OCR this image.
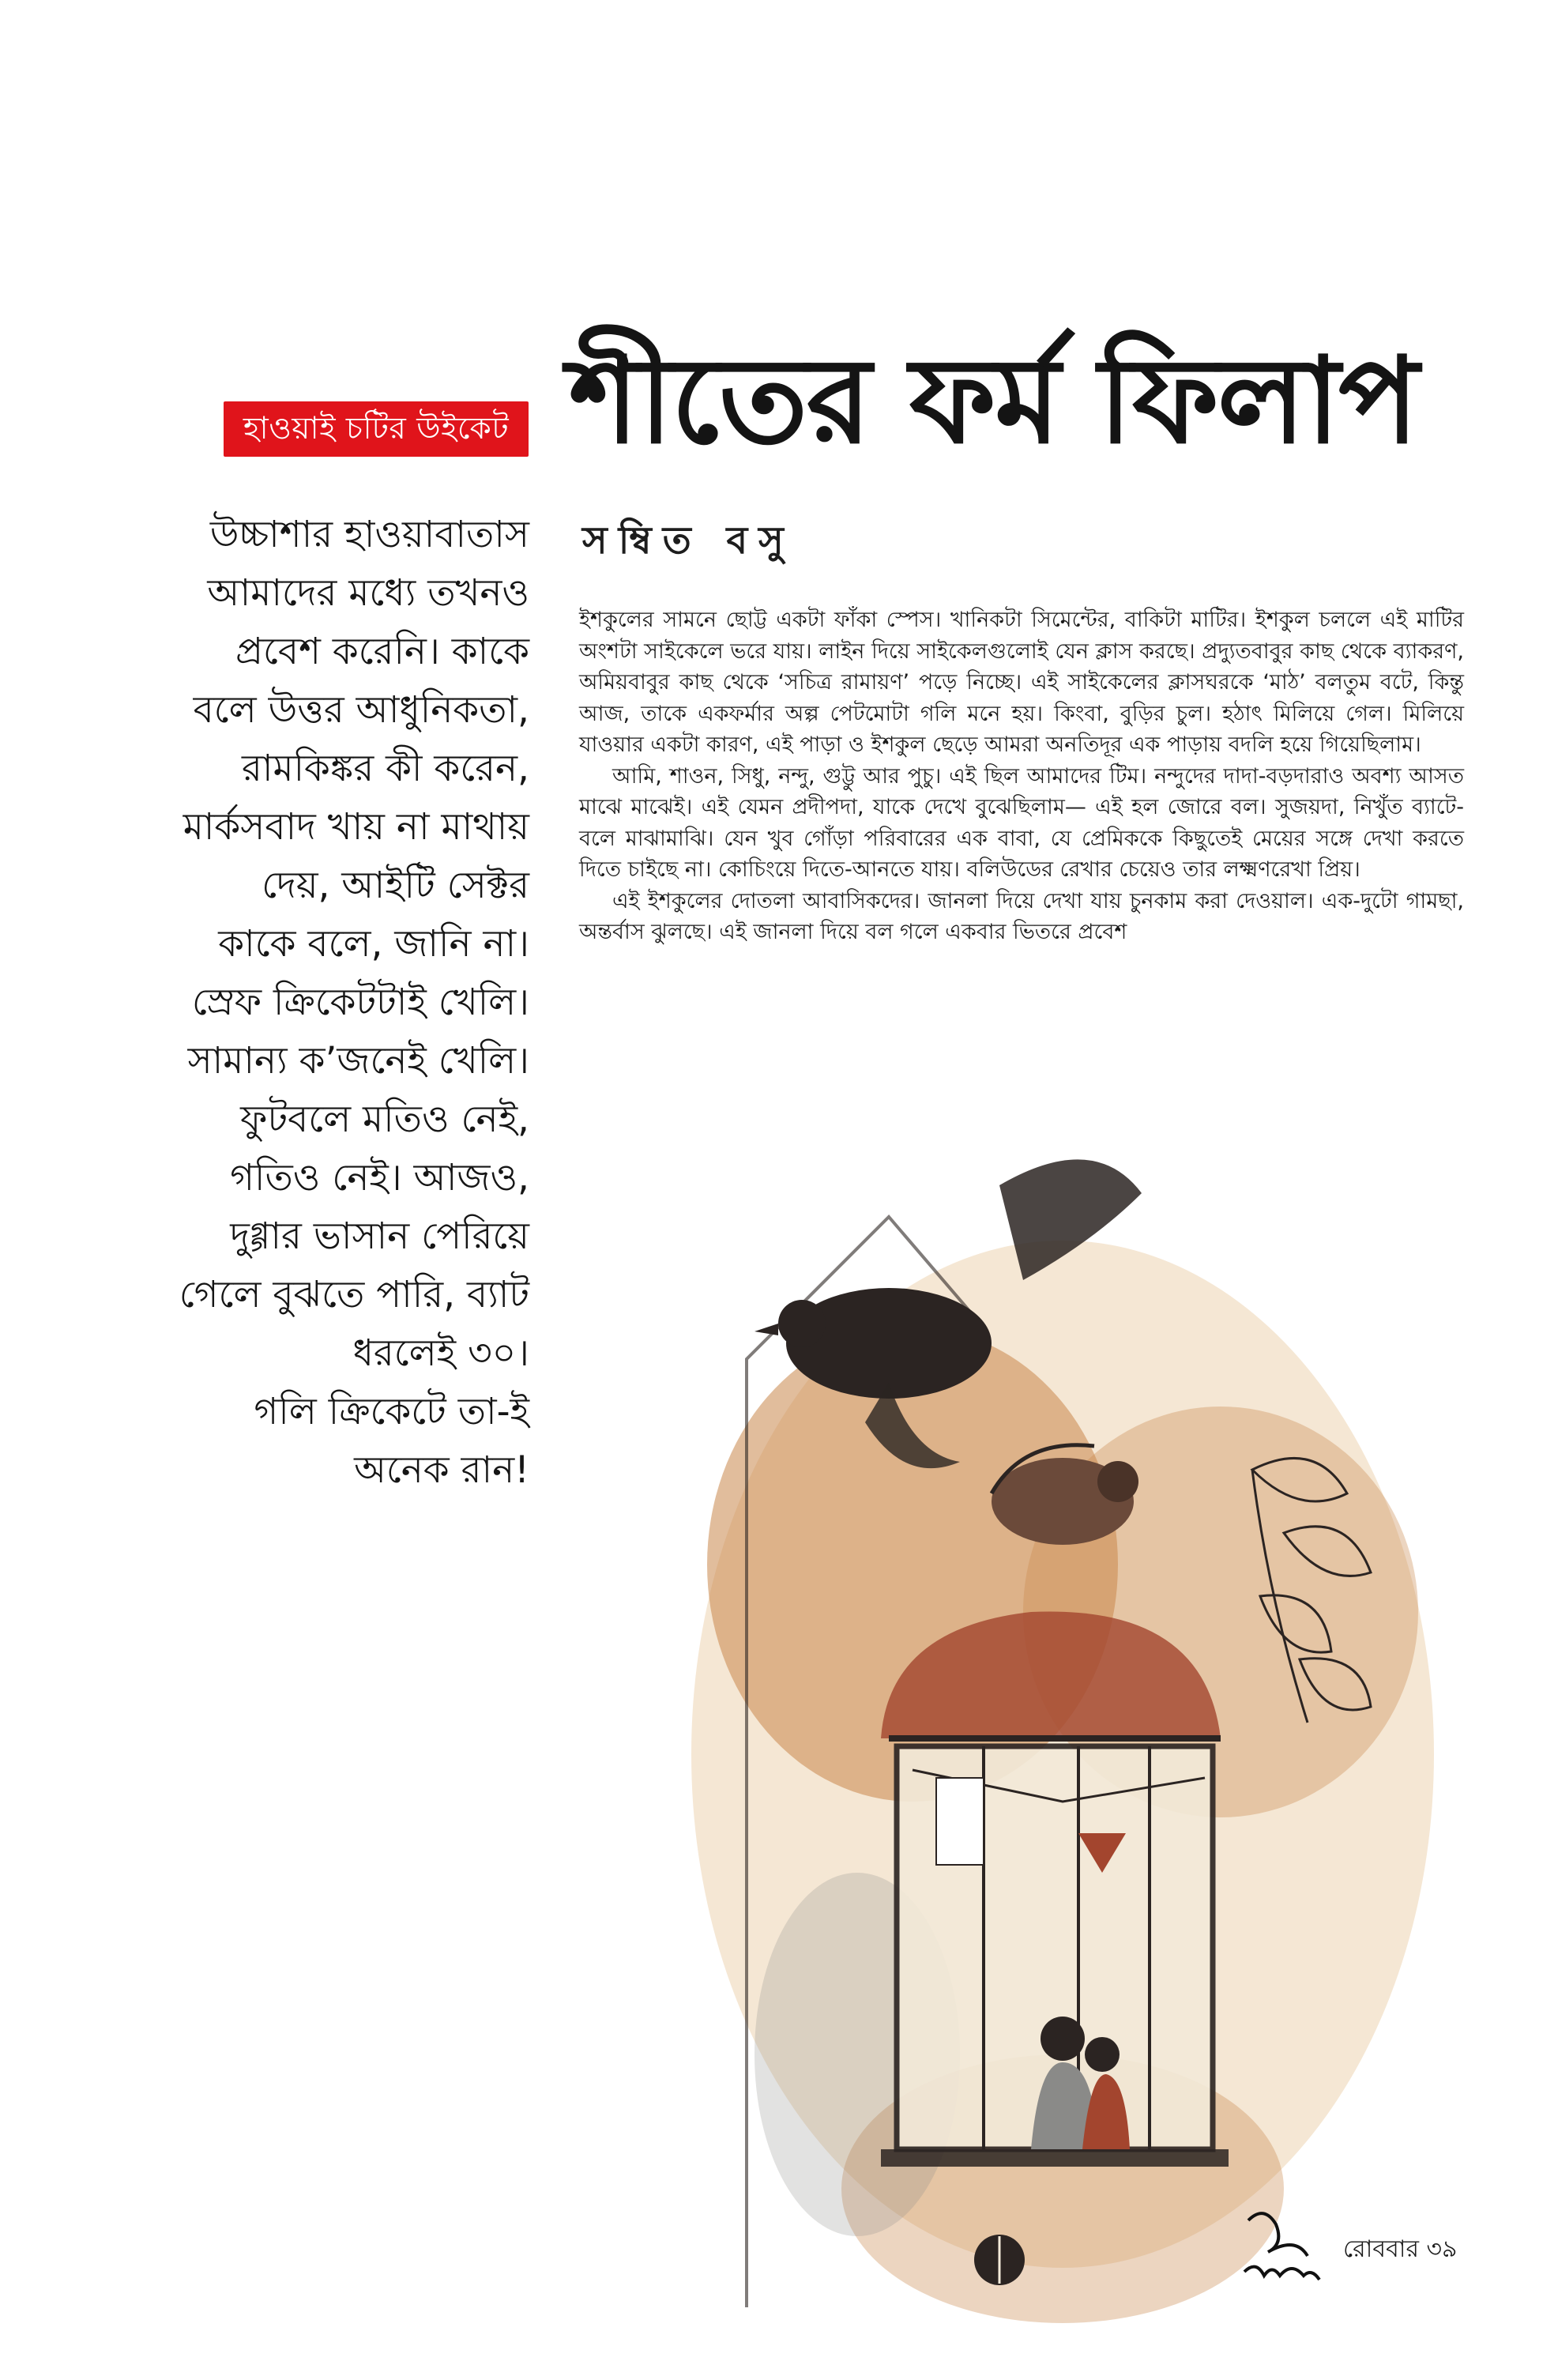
হাওয়াই চটির উইকেট শীতের ফর্ম ফিলাপ
সম্বিত বসু
উচ্চাশার হাওয়াবাতাস
আমাদের মধ্যে তখনও
প্রবেশ করেনি। কাকে
বলে উত্তর আধুনিকতা,
রামকিঙ্কর কী করেন,
মার্কসবাদ খায় না মাথায়
দেয়, আইটি সেক্টর
কাকে বলে, জানি না।
স্রেফ ক্রিকেটটাই খেলি।
সামান্য ক’জনেই খেলি।
ফুটবলে মতিও নেই,
গতিও নেই। আজও,
দুগ্গার ভাসান পেরিয়ে
গেলে বুঝতে পারি, ব্যাট
ধরলেই ৩০।
গলি ক্রিকেটে তা-ই
অনেক রান!

ইশকুলের সামনে ছোট্ট একটা ফাঁকা স্পেস। খানিকটা সিমেন্টের, বাকিটা মাটির। ইশকুল চললে এই মাটির অংশটা সাইকেলে ভরে যায়। লাইন দিয়ে সাইকেলগুলোই যেন ক্লাস করছে। প্রদ্যুতবাবুর কাছ থেকে ব্যাকরণ, অমিয়বাবুর কাছ থেকে ‘সচিত্র রামায়ণ’ পড়ে নিচ্ছে। এই সাইকেলের ক্লাসঘরকে ‘মাঠ’ বলতুম বটে, কিন্তু আজ, তাকে একফর্মার অল্প পেটমোটা গলি মনে হয়। কিংবা, বুড়ির চুল। হঠাৎ মিলিয়ে গেল। মিলিয়ে যাওয়ার একটা কারণ, এই পাড়া ও ইশকুল ছেড়ে আমরা অনতিদূর এক পাড়ায় বদলি হয়ে গিয়েছিলাম।

আমি, শাওন, সিধু, নন্দু, গুট্টু আর পুচু। এই ছিল আমাদের টিম। নন্দুদের দাদা-বড়দারাও অবশ্য আসত মাঝে মাঝেই। এই যেমন প্রদীপদা, যাকে দেখে বুঝেছিলাম— এই হল জোরে বল। সুজয়দা, নিখুঁত ব্যাটে-বলে মাঝামাঝি। যেন খুব গোঁড়া পরিবারের এক বাবা, যে প্রেমিককে কিছুতেই মেয়ের সঙ্গে দেখা করতে দিতে চাইছে না। কোচিংয়ে দিতে-আনতে যায়। বলিউডের রেখার চেয়েও তার লক্ষ্মণরেখা প্রিয়।

এই ইশকুলের দোতলা আবাসিকদের। জানলা দিয়ে দেখা যায় চুনকাম করা দেওয়াল। এক-দুটো গামছা, অন্তর্বাস ঝুলছে। এই জানলা দিয়ে বল গলে একবার ভিতরে প্রবেশ

রোববার ৩৯
